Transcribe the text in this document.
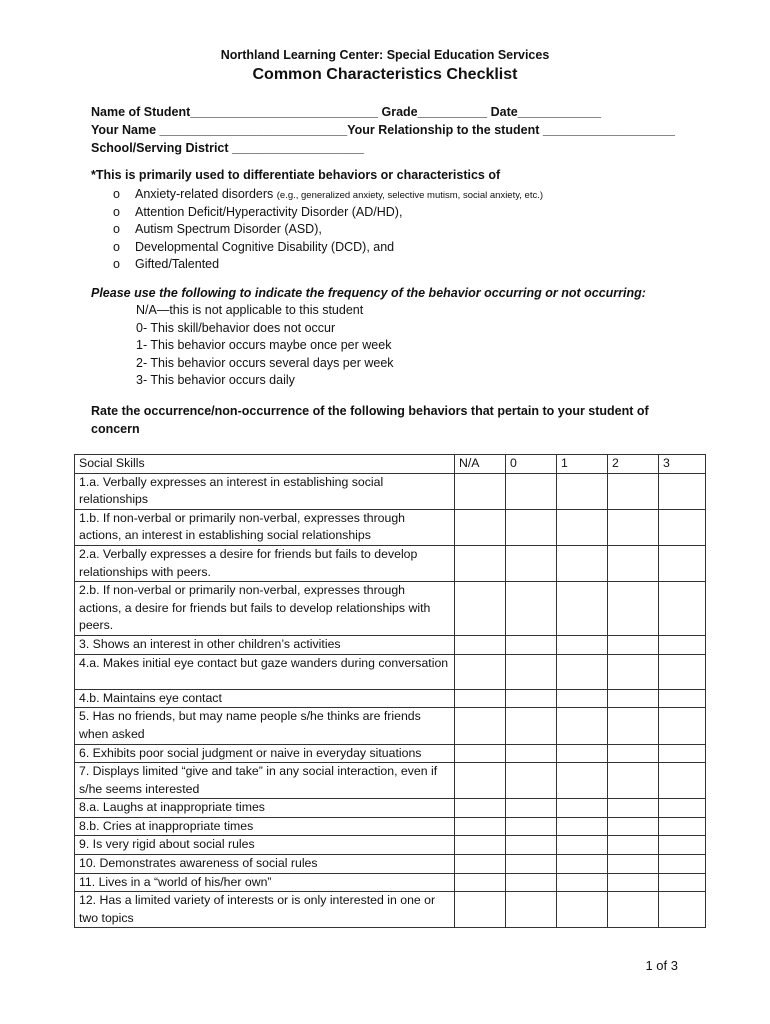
Northland Learning Center: Special Education Services
Common Characteristics Checklist
Name of Student___________________________ Grade__________ Date____________
Your Name ___________________________Your Relationship to the student ___________________
School/Serving District ___________________
*This is primarily used to differentiate behaviors or characteristics of
o Anxiety-related disorders (e.g., generalized anxiety, selective mutism, social anxiety, etc.)
o Attention Deficit/Hyperactivity Disorder (AD/HD),
o Autism Spectrum Disorder (ASD),
o Developmental Cognitive Disability (DCD), and
o Gifted/Talented
Please use the following to indicate the frequency of the behavior occurring or not occurring:
N/A—this is not applicable to this student
0- This skill/behavior does not occur
1- This behavior occurs maybe once per week
2- This behavior occurs several days per week
3- This behavior occurs daily
Rate the occurrence/non-occurrence of the following behaviors that pertain to your student of concern
Social Skills	N/A	0	1	2	3
1.a. Verbally expresses an interest in establishing social relationships					
1.b. If non-verbal or primarily non-verbal, expresses through actions, an interest in establishing social relationships					
2.a. Verbally expresses a desire for friends but fails to develop relationships with peers.					
2.b. If non-verbal or primarily non-verbal, expresses through actions, a desire for friends but fails to develop relationships with peers.					
3. Shows an interest in other children’s activities					
4.a. Makes initial eye contact but gaze wanders during conversation					
4.b. Maintains eye contact					
5. Has no friends, but may name people s/he thinks are friends when asked					
6. Exhibits poor social judgment or naive in everyday situations					
7. Displays limited “give and take” in any social interaction, even if s/he seems interested					
8.a. Laughs at inappropriate times					
8.b. Cries at inappropriate times					
9. Is very rigid about social rules					
10. Demonstrates awareness of social rules					
11. Lives in a “world of his/her own”					
12. Has a limited variety of interests or is only interested in one or two topics					
1 of 3
